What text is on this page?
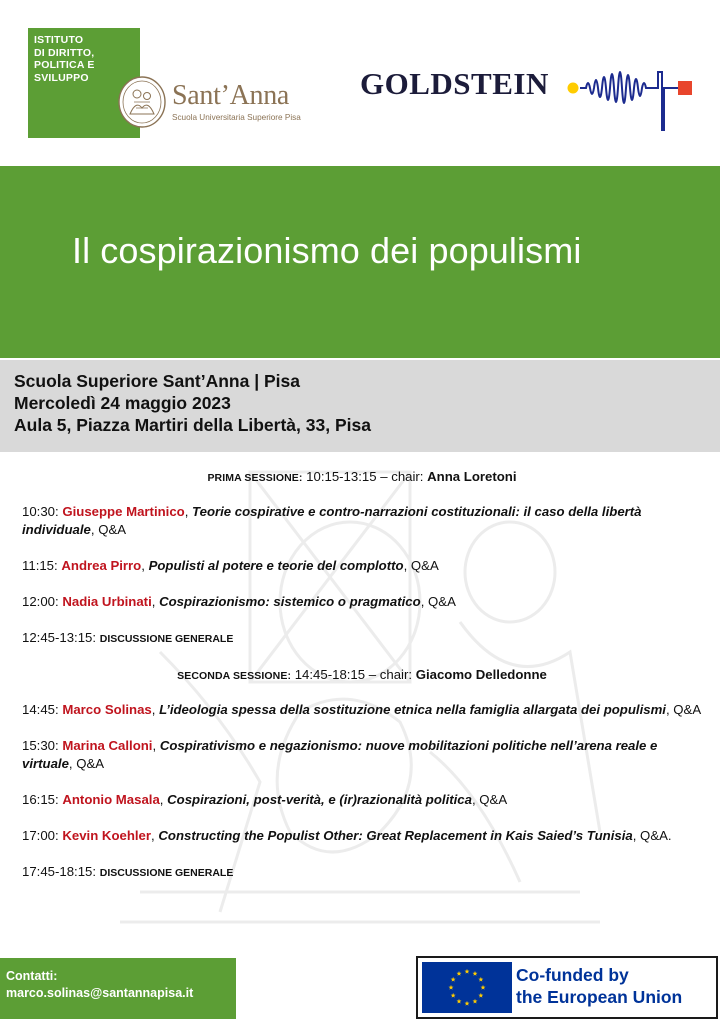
ISTITUTO
DI DIRITTO,
POLITICA E
SVILUPPO
Sant’Anna
Scuola Universitaria Superiore Pisa
GOLDSTEIN
Il cospirazionismo dei populismi
Scuola Superiore Sant’Anna | Pisa
Mercoledì 24 maggio 2023
Aula 5, Piazza Martiri della Libertà, 33, Pisa
PRIMA SESSIONE: 10:15-13:15 – chair: Anna Loretoni
10:30: Giuseppe Martinico, Teorie cospirative e contro-narrazioni costituzionali: il caso della libertà individuale, Q&A
11:15: Andrea Pirro, Populisti al potere e teorie del complotto, Q&A
12:00: Nadia Urbinati, Cospirazionismo: sistemico o pragmatico, Q&A
12:45-13:15: DISCUSSIONE GENERALE
SECONDA SESSIONE: 14:45-18:15 – chair: Giacomo Delledonne
14:45: Marco Solinas, L’ideologia spessa della sostituzione etnica nella famiglia allargata dei populismi, Q&A
15:30: Marina Calloni, Cospirativismo e negazionismo: nuove mobilitazioni politiche nell’arena reale e virtuale, Q&A
16:15: Antonio Masala, Cospirazioni, post-verità, e (ir)razionalità politica, Q&A
17:00: Kevin Koehler, Constructing the Populist Other: Great Replacement in Kais Saied’s Tunisia, Q&A.
17:45-18:15: DISCUSSIONE GENERALE
Contatti:
marco.solinas@santannapisa.it
Co-funded by
the European Union
